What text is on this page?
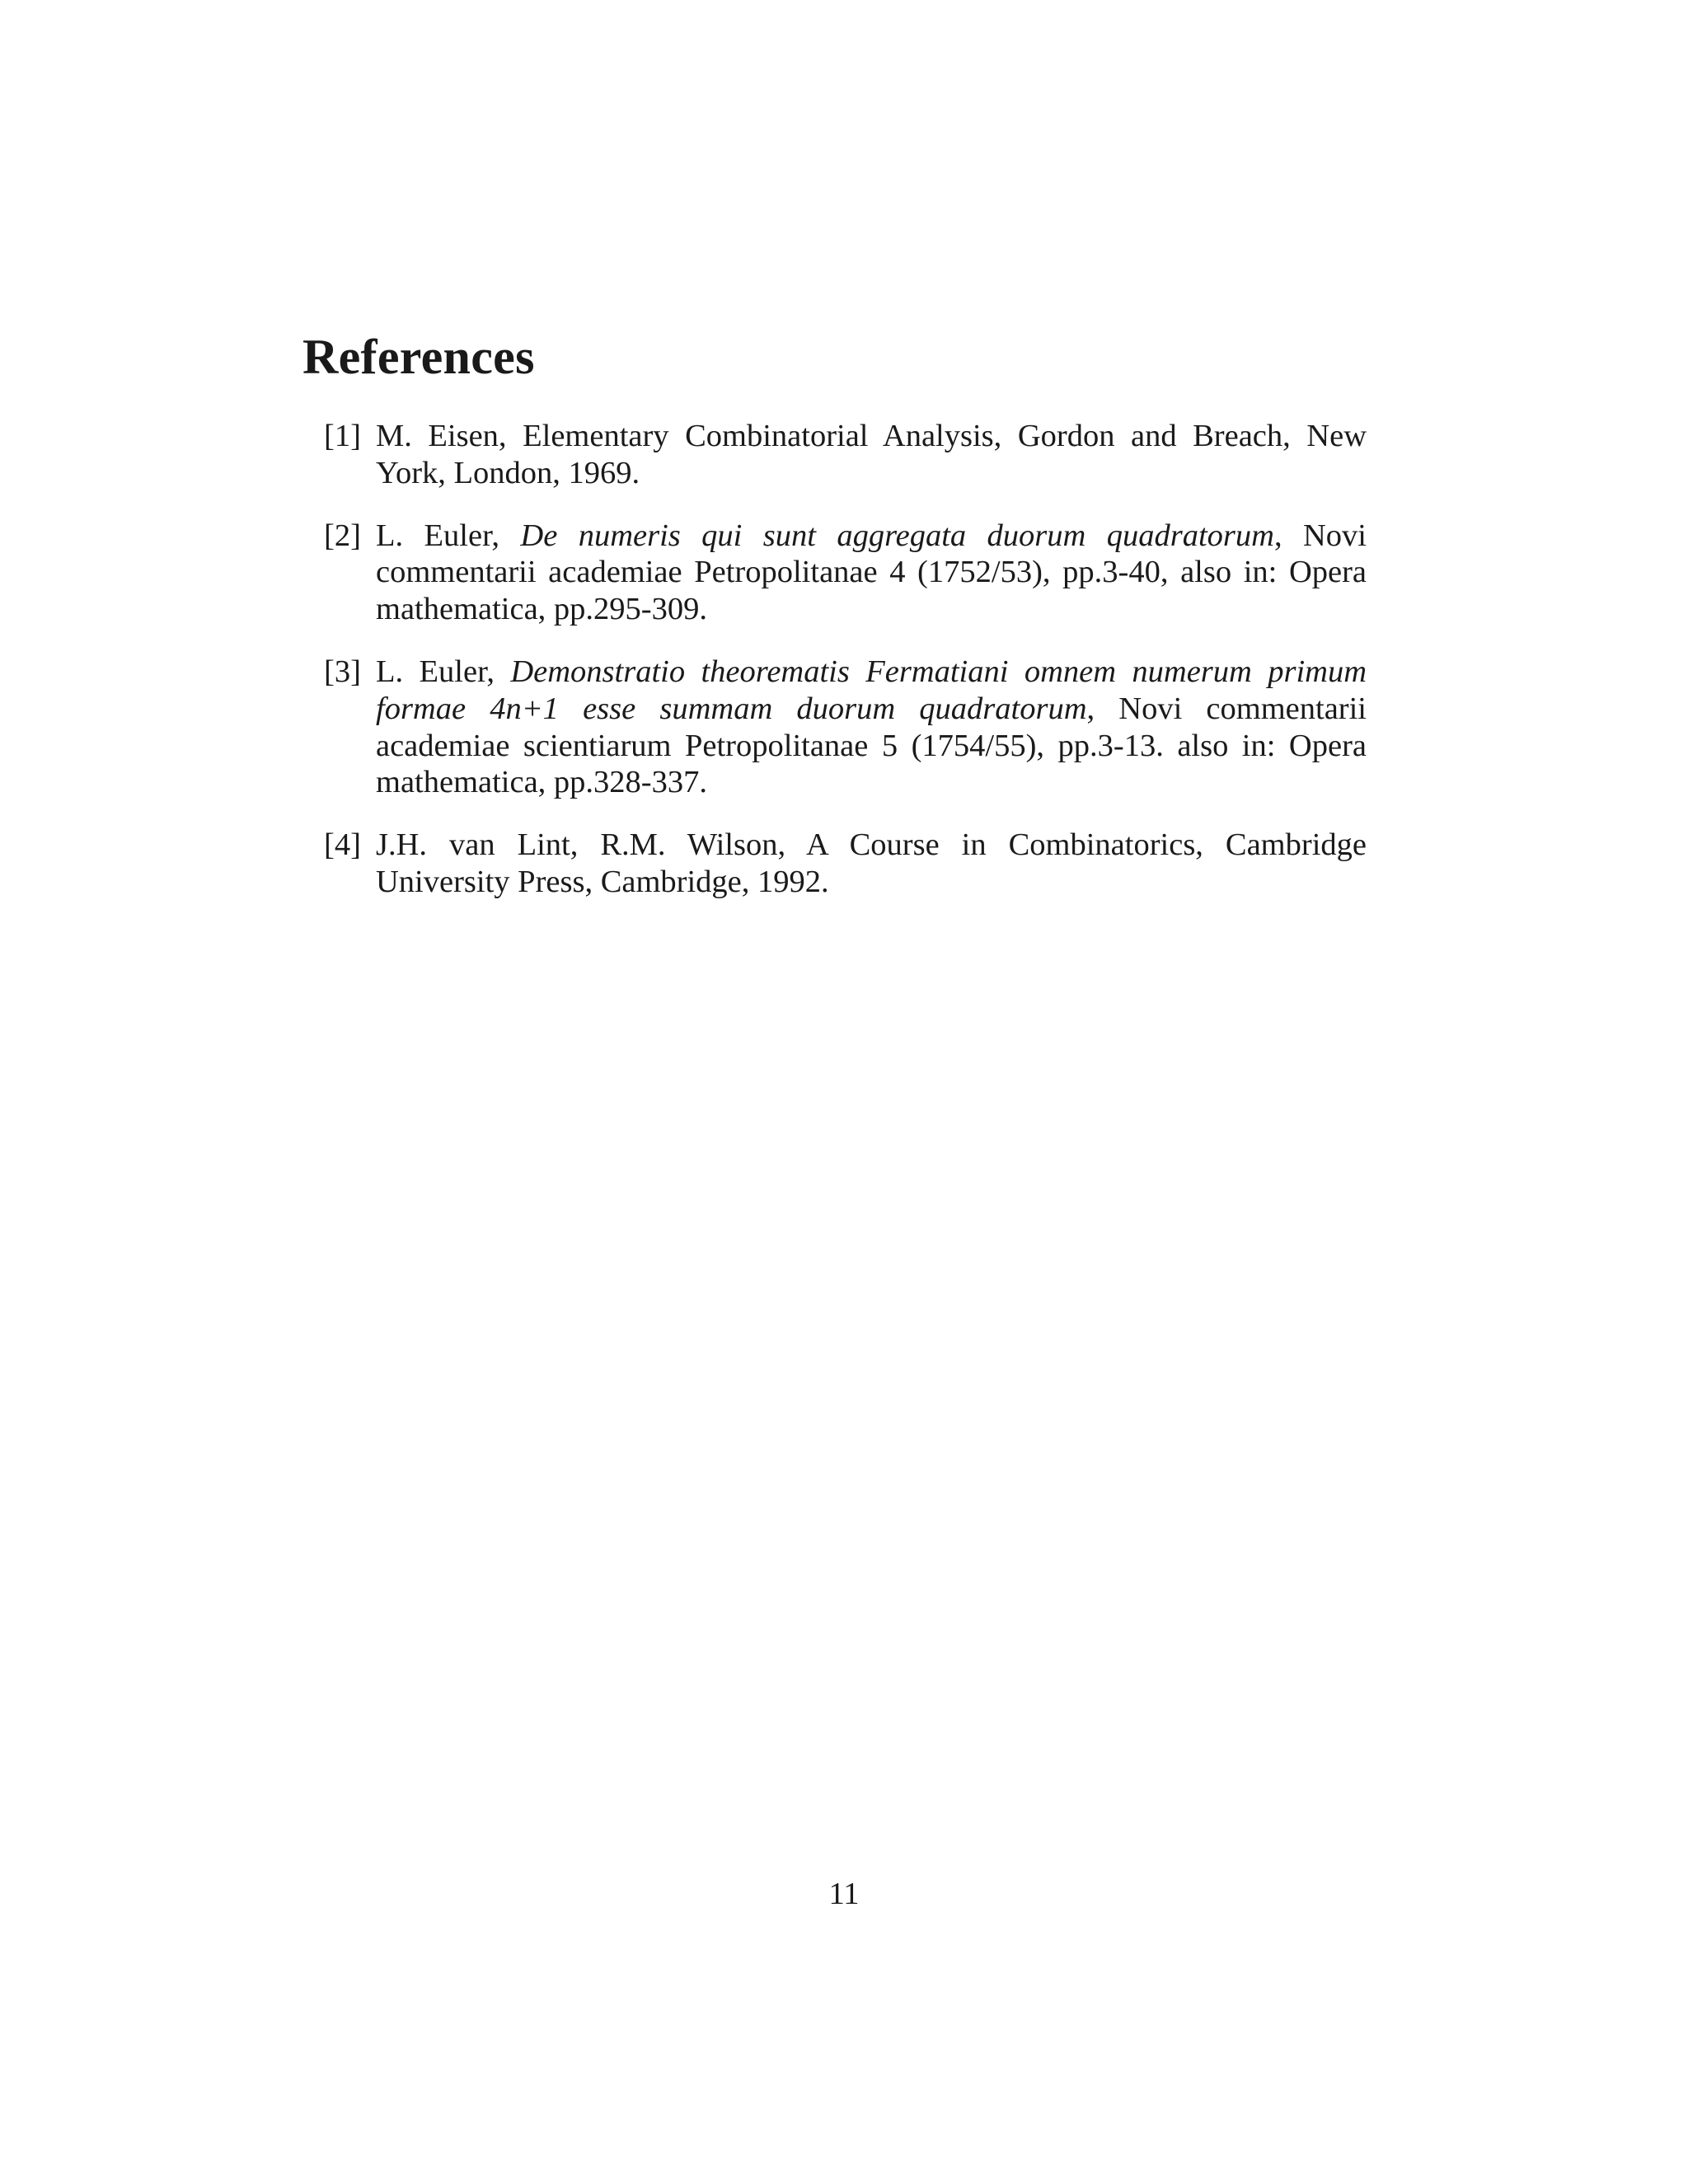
References
[1] M. Eisen, Elementary Combinatorial Analysis, Gordon and Breach, New York, London, 1969.
[2] L. Euler, De numeris qui sunt aggregata duorum quadratorum, Novi commentarii academiae Petropolitanae 4 (1752/53), pp.3-40, also in: Opera mathematica, pp.295-309.
[3] L. Euler, Demonstratio theorematis Fermatiani omnem numerum primum formae 4n+1 esse summam duorum quadratorum, Novi commentarii academiae scientiarum Petropolitanae 5 (1754/55), pp.3-13. also in: Opera mathematica, pp.328-337.
[4] J.H. van Lint, R.M. Wilson, A Course in Combinatorics, Cambridge University Press, Cambridge, 1992.
11
